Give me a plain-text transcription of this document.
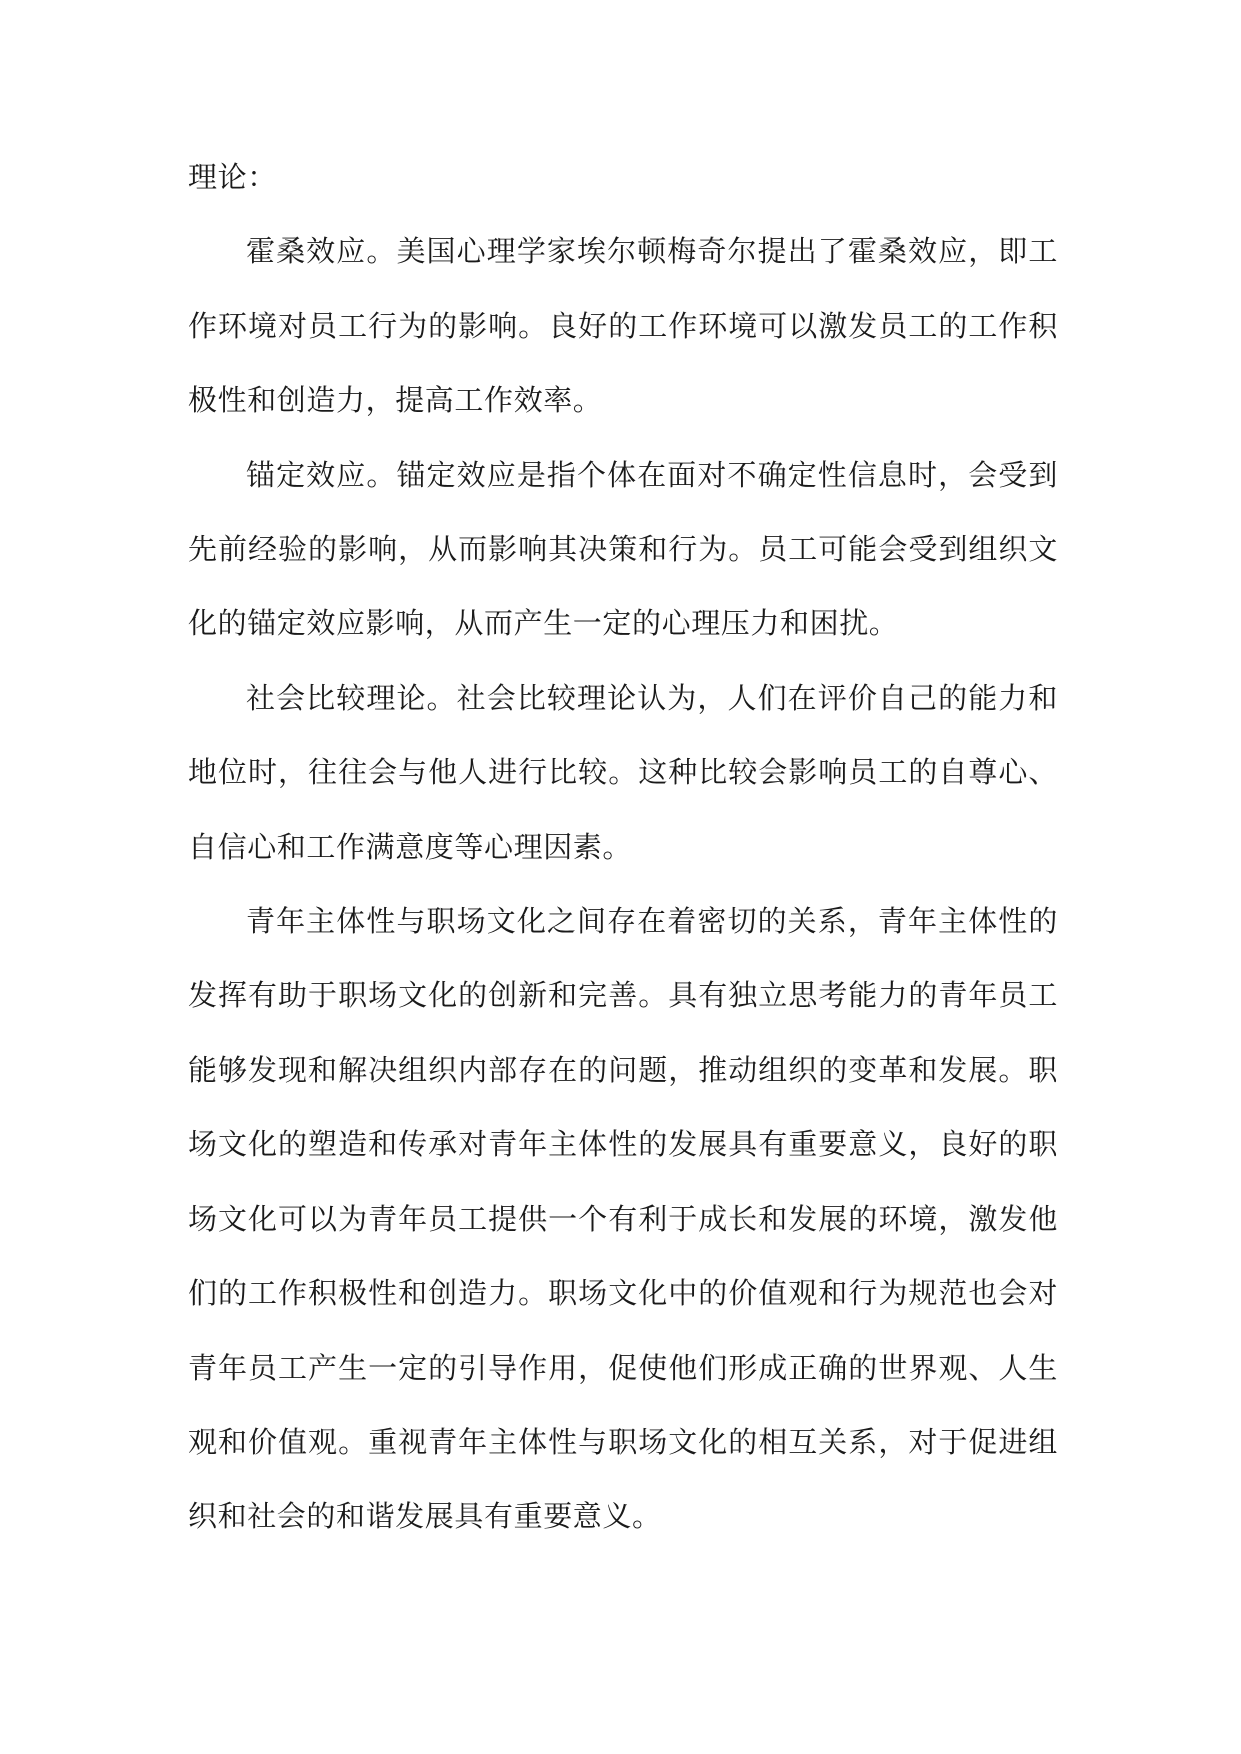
理论：

霍桑效应。美国心理学家埃尔顿梅奇尔提出了霍桑效应，即工作环境对员工行为的影响。良好的工作环境可以激发员工的工作积极性和创造力，提高工作效率。

锚定效应。锚定效应是指个体在面对不确定性信息时，会受到先前经验的影响，从而影响其决策和行为。员工可能会受到组织文化的锚定效应影响，从而产生一定的心理压力和困扰。

社会比较理论。社会比较理论认为，人们在评价自己的能力和地位时，往往会与他人进行比较。这种比较会影响员工的自尊心、自信心和工作满意度等心理因素。

青年主体性与职场文化之间存在着密切的关系，青年主体性的发挥有助于职场文化的创新和完善。具有独立思考能力的青年员工能够发现和解决组织内部存在的问题，推动组织的变革和发展。职场文化的塑造和传承对青年主体性的发展具有重要意义，良好的职场文化可以为青年员工提供一个有利于成长和发展的环境，激发他们的工作积极性和创造力。职场文化中的价值观和行为规范也会对青年员工产生一定的引导作用，促使他们形成正确的世界观、人生观和价值观。重视青年主体性与职场文化的相互关系，对于促进组织和社会的和谐发展具有重要意义。
